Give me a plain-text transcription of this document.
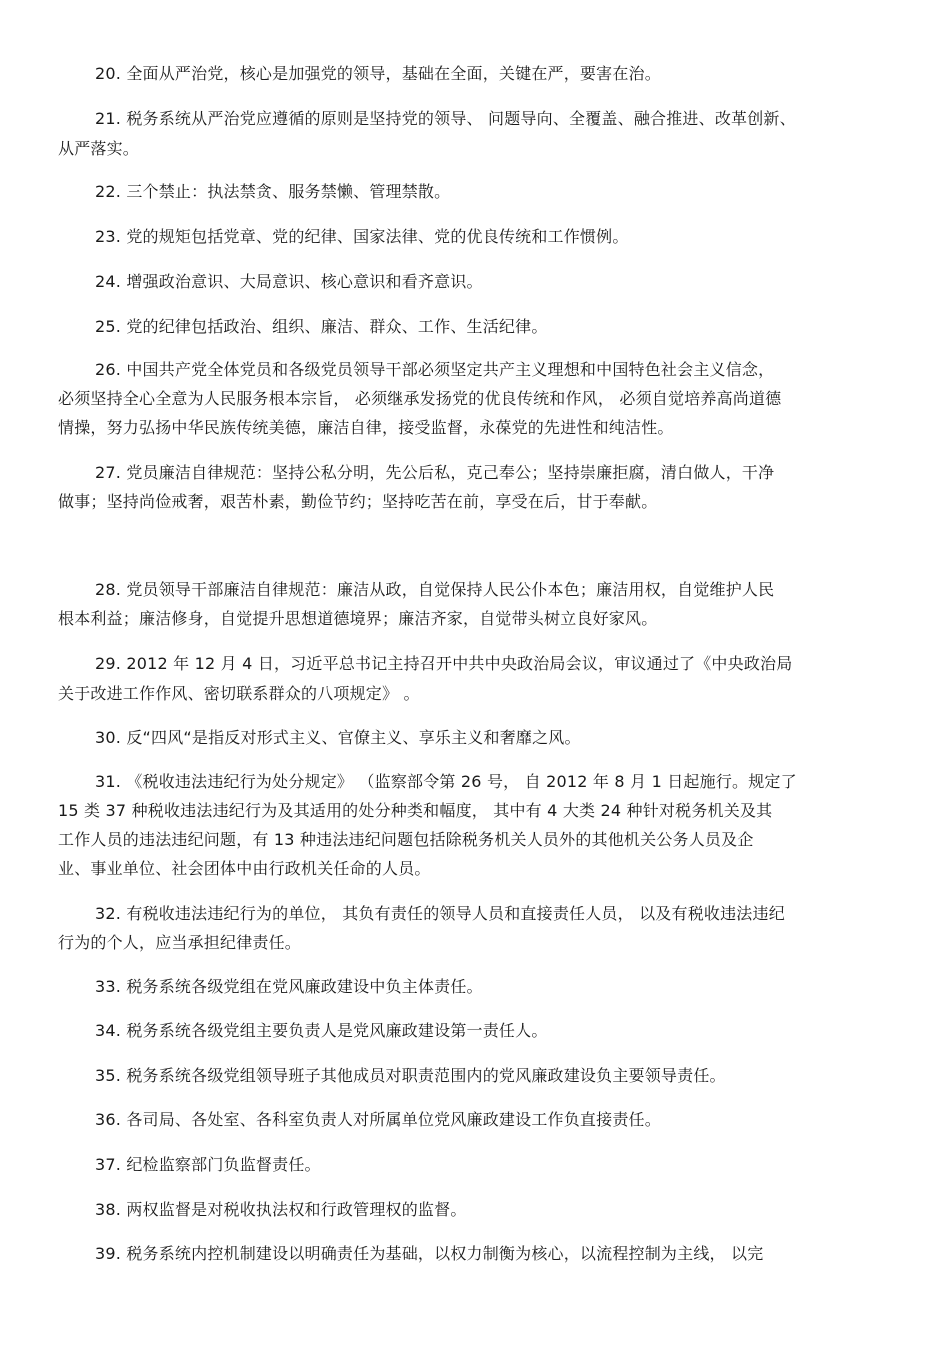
20. 全面从严治党，核心是加强党的领导，基础在全面，关键在严，要害在治。
21. 税务系统从严治党应遵循的原则是坚持党的领导、 问题导向、全覆盖、融合推进、改革创新、
从严落实。
22. 三个禁止：执法禁贪、服务禁懒、管理禁散。
23. 党的规矩包括党章、党的纪律、国家法律、党的优良传统和工作惯例。
24. 增强政治意识、大局意识、核心意识和看齐意识。
25. 党的纪律包括政治、组织、廉洁、群众、工作、生活纪律。
26. 中国共产党全体党员和各级党员领导干部必须坚定共产主义理想和中国特色社会主义信念，
必须坚持全心全意为人民服务根本宗旨， 必须继承发扬党的优良传统和作风， 必须自觉培养高尚道德
情操，努力弘扬中华民族传统美德，廉洁自律，接受监督，永葆党的先进性和纯洁性。
27. 党员廉洁自律规范：坚持公私分明，先公后私，克己奉公；坚持崇廉拒腐，清白做人，干净
做事；坚持尚俭戒奢，艰苦朴素，勤俭节约；坚持吃苦在前，享受在后，甘于奉献。
28. 党员领导干部廉洁自律规范：廉洁从政，自觉保持人民公仆本色；廉洁用权，自觉维护人民
根本利益；廉洁修身，自觉提升思想道德境界；廉洁齐家，自觉带头树立良好家风。
29. 2012 年 12 月 4 日，习近平总书记主持召开中共中央政治局会议，审议通过了《中央政治局
关于改进工作作风、密切联系群众的八项规定》 。
30. 反“四风“是指反对形式主义、官僚主义、享乐主义和奢靡之风。
31. 《税收违法违纪行为处分规定》 （监察部令第 26 号， 自 2012 年 8 月 1 日起施行。规定了
15 类 37 种税收违法违纪行为及其适用的处分种类和幅度， 其中有 4 大类 24 种针对税务机关及其
工作人员的违法违纪问题，有 13 种违法违纪问题包括除税务机关人员外的其他机关公务人员及企
业、事业单位、社会团体中由行政机关任命的人员。
32. 有税收违法违纪行为的单位， 其负有责任的领导人员和直接责任人员， 以及有税收违法违纪
行为的个人，应当承担纪律责任。
33. 税务系统各级党组在党风廉政建设中负主体责任。
34. 税务系统各级党组主要负责人是党风廉政建设第一责任人。
35. 税务系统各级党组领导班子其他成员对职责范围内的党风廉政建设负主要领导责任。
36. 各司局、各处室、各科室负责人对所属单位党风廉政建设工作负直接责任。
37. 纪检监察部门负监督责任。
38. 两权监督是对税收执法权和行政管理权的监督。
39. 税务系统内控机制建设以明确责任为基础，以权力制衡为核心，以流程控制为主线， 以完
